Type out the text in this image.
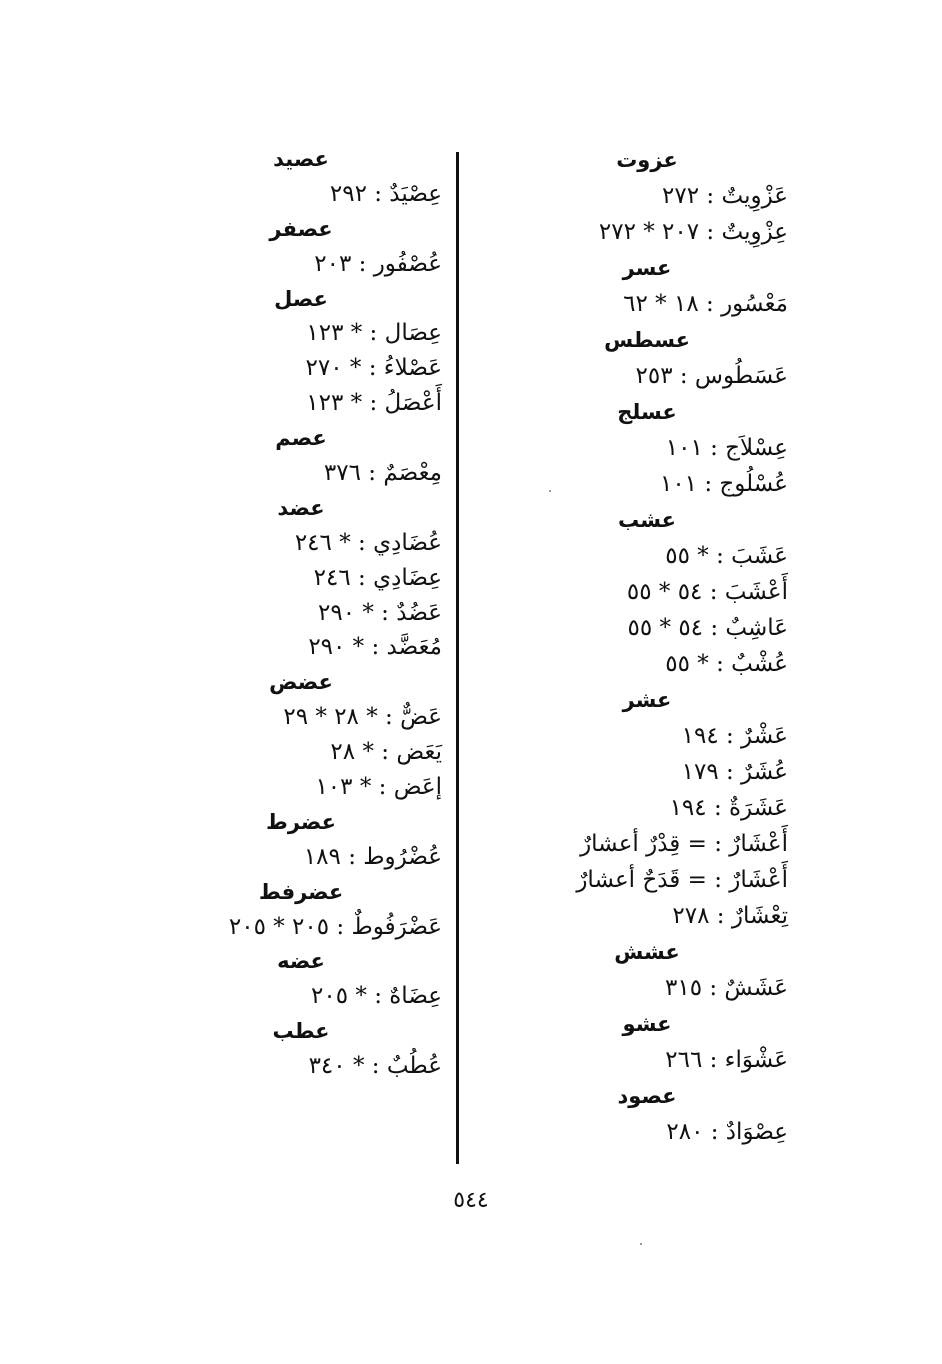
عزوت
عَزْوِيتٌ : ٢٧٢
عِزْوِيتٌ : ٢٠٧ * ٢٧٢
عسر
مَعْسُور : ١٨ * ٦٢
عسطس
عَسَطُوس : ٢٥٣
عسلج
عِسْلاَج : ١٠١
عُسْلُوج : ١٠١
عشب
عَشَبَ : * ٥٥
أَعْشَبَ : ٥٤ * ٥٥
عَاشِبٌ : ٥٤ * ٥٥
عُشْبٌ : * ٥٥
عشر
عَشْرٌ : ١٩٤
عُشَرٌ : ١٧٩
عَشَرَةٌ : ١٩٤
أَعْشَارٌ : = قِدْرٌ أعشارٌ
أَعْشَارٌ : = قَدَحٌ أعشارٌ
تِعْشَارٌ : ٢٧٨
عشش
عَشَشٌ : ٣١٥
عشو
عَشْوَاء : ٢٦٦
عصود
عِصْوَادٌ : ٢٨٠
عصيد
عِصْيَدٌ : ٢٩٢
عصفر
عُصْفُور : ٢٠٣
عصل
عِصَال : * ١٢٣
عَصْلاءُ : * ٢٧٠
أَعْصَلُ : * ١٢٣
عصم
مِعْصَمٌ : ٣٧٦
عضد
عُضَادِي : * ٢٤٦
عِضَادِي : ٢٤٦
عَضُدٌ : * ٢٩٠
مُعَضَّد : * ٢٩٠
عضض
عَضٌّ : * ٢٨ * ٢٩
يَعَض : * ٢٨
إعَض : * ١٠٣
عضرط
عُضْرُوط : ١٨٩
عضرفط
عَضْرَفُوطٌ : ٢٠٥ * ٢٠٥
عضه
عِضَاهٌ : * ٢٠٥
عطب
عُطُبٌ : * ٣٤٠
٥٤٤
